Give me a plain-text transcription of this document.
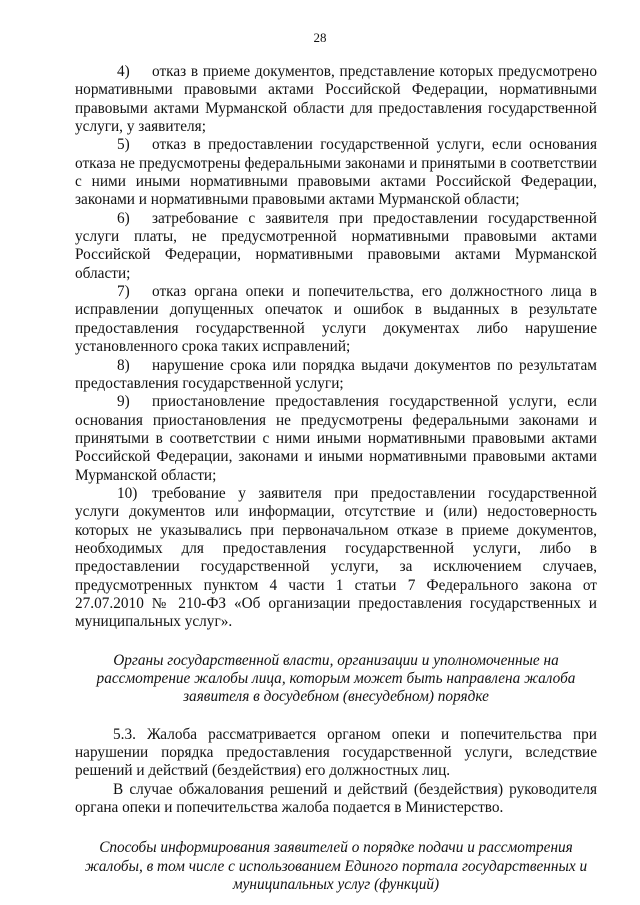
28

4) отказ в приеме документов, представление которых предусмотрено нормативными правовыми актами Российской Федерации, нормативными правовыми актами Мурманской области для предоставления государственной услуги, у заявителя;

5) отказ в предоставлении государственной услуги, если основания отказа не предусмотрены федеральными законами и принятыми в соответствии с ними иными нормативными правовыми актами Российской Федерации, законами и нормативными правовыми актами Мурманской области;

6) затребование с заявителя при предоставлении государственной услуги платы, не предусмотренной нормативными правовыми актами Российской Федерации, нормативными правовыми актами Мурманской области;

7) отказ органа опеки и попечительства, его должностного лица в исправлении допущенных опечаток и ошибок в выданных в результате предоставления государственной услуги документах либо нарушение установленного срока таких исправлений;

8) нарушение срока или порядка выдачи документов по результатам предоставления государственной услуги;

9) приостановление предоставления государственной услуги, если основания приостановления не предусмотрены федеральными законами и принятыми в соответствии с ними иными нормативными правовыми актами Российской Федерации, законами и иными нормативными правовыми актами Мурманской области;

10) требование у заявителя при предоставлении государственной услуги документов или информации, отсутствие и (или) недостоверность которых не указывались при первоначальном отказе в приеме документов, необходимых для предоставления государственной услуги, либо в предоставлении государственной услуги, за исключением случаев, предусмотренных пунктом 4 части 1 статьи 7 Федерального закона от 27.07.2010 № 210-ФЗ «Об организации предоставления государственных и муниципальных услуг».

Органы государственной власти, организации и уполномоченные на рассмотрение жалобы лица, которым может быть направлена жалоба заявителя в досудебном (внесудебном) порядке

5.3. Жалоба рассматривается органом опеки и попечительства при нарушении порядка предоставления государственной услуги, вследствие решений и действий (бездействия) его должностных лиц.

В случае обжалования решений и действий (бездействия) руководителя органа опеки и попечительства жалоба подается в Министерство.

Способы информирования заявителей о порядке подачи и рассмотрения жалобы, в том числе с использованием Единого портала государственных и муниципальных услуг (функций)
